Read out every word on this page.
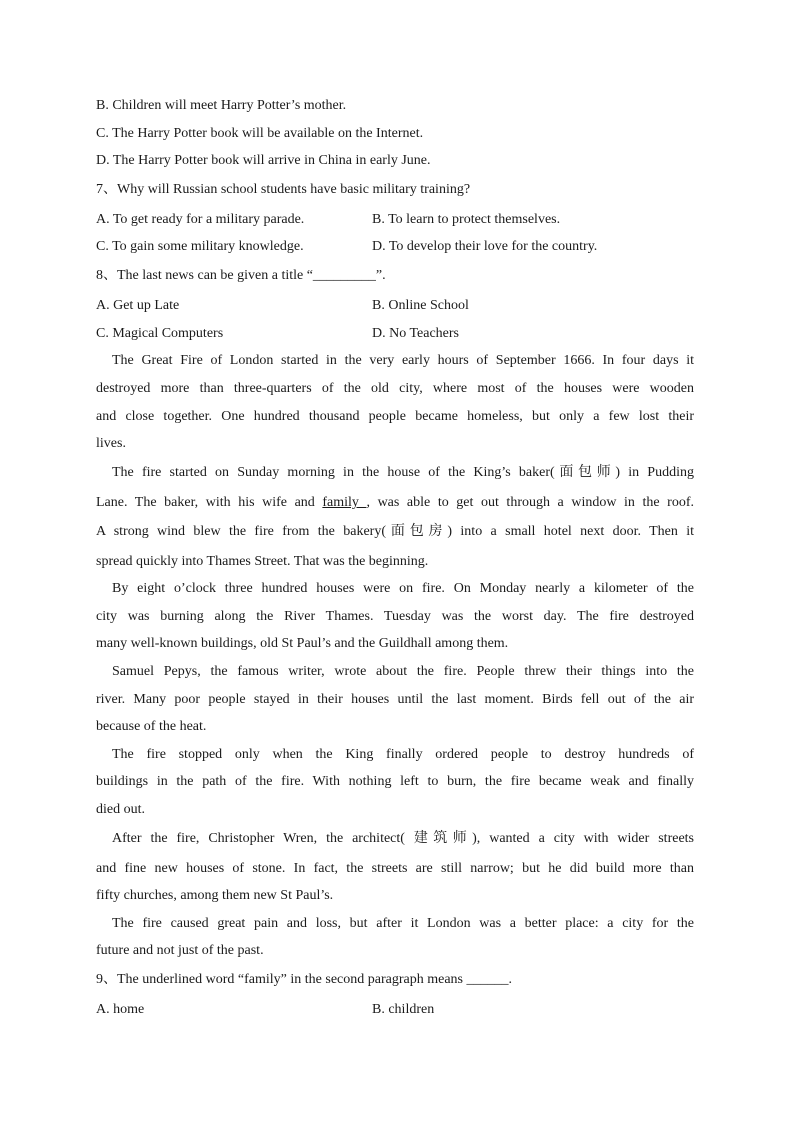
B. Children will meet Harry Potter’s mother.
C. The Harry Potter book will be available on the Internet.
D. The Harry Potter book will arrive in China in early June.
7、Why will Russian school students have basic military training?
A. To get ready for a military parade.	B. To learn to protect themselves.
C. To gain some military knowledge.	D. To develop their love for the country.
8、The last news can be given a title “_________”.
A. Get up Late	B. Online School
C. Magical Computers	D. No Teachers
The Great Fire of London started in the very early hours of September 1666. In four days it
destroyed more than three-quarters of the old city, where most of the houses were wooden
and close together. One hundred thousand people became homeless, but only a few lost their
lives.
The fire started on Sunday morning in the house of the King’s baker(面包师) in Pudding
Lane. The baker, with his wife and family , was able to get out through a window in the roof.
A strong wind blew the fire from the bakery(面包房) into a small hotel next door. Then it
spread quickly into Thames Street. That was the beginning.
By eight o’clock three hundred houses were on fire. On Monday nearly a kilometer of the
city was burning along the River Thames. Tuesday was the worst day. The fire destroyed
many well-known buildings, old St Paul’s and the Guildhall among them.
Samuel Pepys, the famous writer, wrote about the fire. People threw their things into the
river. Many poor people stayed in their houses until the last moment. Birds fell out of the air
because of the heat.
The fire stopped only when the King finally ordered people to destroy hundreds of
buildings in the path of the fire. With nothing left to burn, the fire became weak and finally
died out.
After the fire, Christopher Wren, the architect( 建筑师), wanted a city with wider streets
and fine new houses of stone. In fact, the streets are still narrow; but he did build more than
fifty churches, among them new St Paul’s.
The fire caused great pain and loss, but after it London was a better place: a city for the
future and not just of the past.
9、The underlined word “family” in the second paragraph means ______.
A. home	B. children
